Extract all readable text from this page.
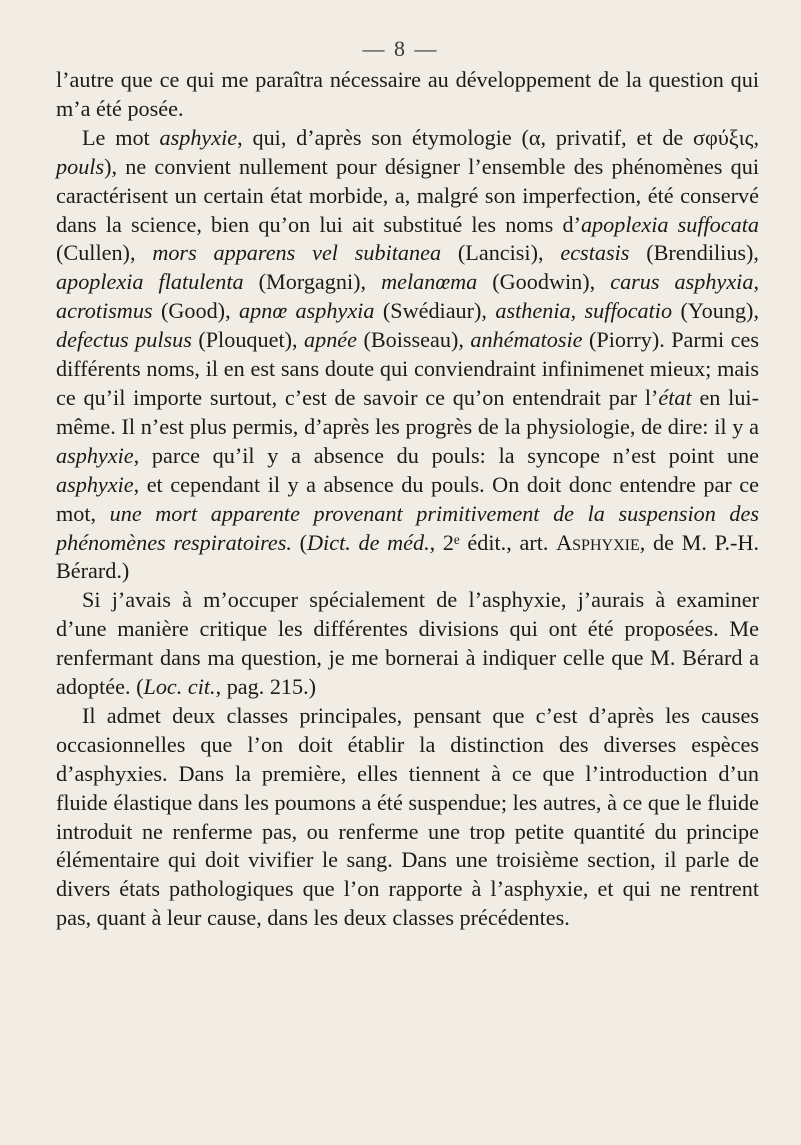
— 8 —

l’autre que ce qui me paraîtra nécessaire au développement de la question qui m’a été posée.

Le mot asphyxie, qui, d’après son étymologie (α, privatif, et de σφύξις, pouls), ne convient nullement pour désigner l’ensemble des phénomènes qui caractérisent un certain état morbide, a, malgré son imperfection, été conservé dans la science, bien qu’on lui ait substitué les noms d’apoplexia suffocata (Cullen), mors apparens vel subitanea (Lancisi), ecstasis (Brendilius), apoplexia flatulenta (Morgagni), melanœma (Goodwin), carus asphyxia, acrotismus (Good), apnœ asphyxia (Swédiaur), asthenia, suffocatio (Young), defectus pulsus (Plouquet), apnée (Boisseau), anhématosie (Piorry). Parmi ces différents noms, il en est sans doute qui conviendraint infinimenet mieux; mais ce qu’il importe surtout, c’est de savoir ce qu’on entendrait par l’état en lui-même. Il n’est plus permis, d’après les progrès de la physiologie, de dire: il y a asphyxie, parce qu’il y a absence du pouls: la syncope n’est point une asphyxie, et cependant il y a absence du pouls. On doit donc entendre par ce mot, une mort apparente provenant primitivement de la suspension des phénomènes respiratoires. (Dict. de méd., 2ᵉ édit., art. Asphyxie, de M. P.-H. Bérard.)

Si j’avais à m’occuper spécialement de l’asphyxie, j’aurais à examiner d’une manière critique les différentes divisions qui ont été proposées. Me renfermant dans ma question, je me bornerai à indiquer celle que M. Bérard a adoptée. (Loc. cit., pag. 215.)

Il admet deux classes principales, pensant que c’est d’après les causes occasionnelles que l’on doit établir la distinction des diverses espèces d’asphyxies. Dans la première, elles tiennent à ce que l’introduction d’un fluide élastique dans les poumons a été suspendue; les autres, à ce que le fluide introduit ne renferme pas, ou renferme une trop petite quantité du principe élémentaire qui doit vivifier le sang. Dans une troisième section, il parle de divers états pathologiques que l’on rapporte à l’asphyxie, et qui ne rentrent pas, quant à leur cause, dans les deux classes précédentes.
